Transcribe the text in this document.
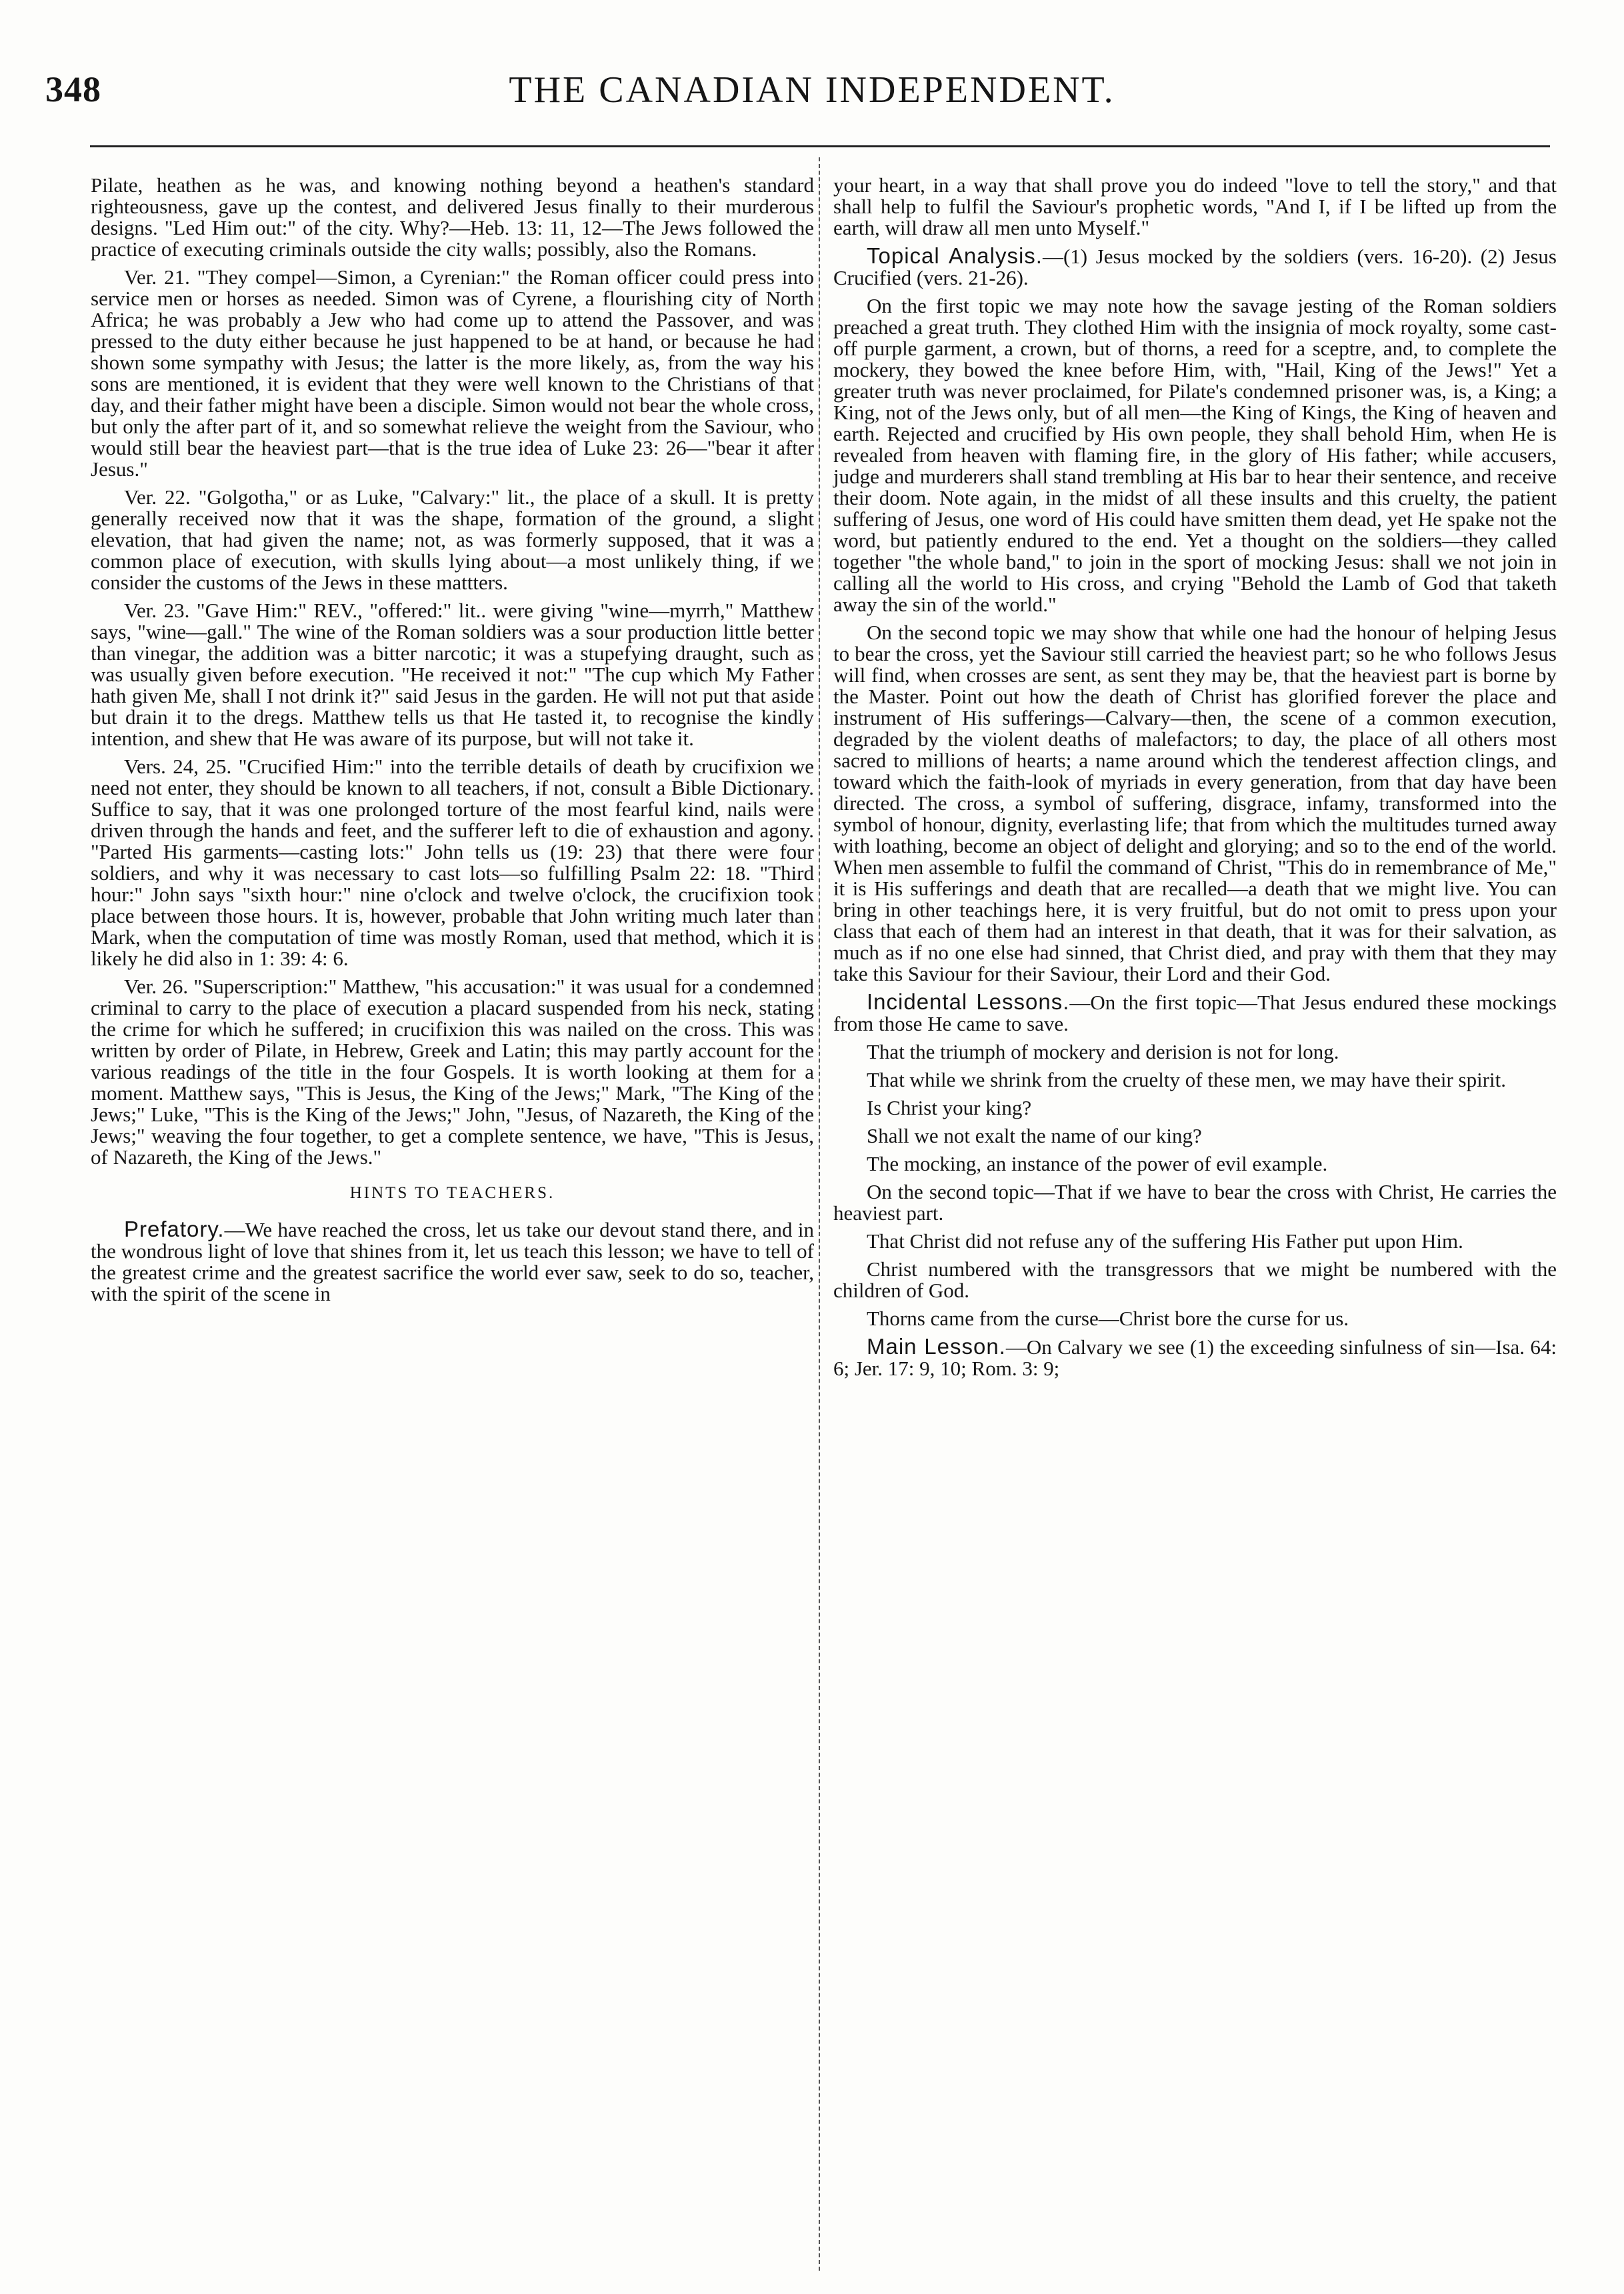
348	THE CANADIAN INDEPENDENT.

Pilate, heathen as he was, and knowing nothing beyond a heathen's standard righteousness, gave up the contest, and delivered Jesus finally to their murderous designs. "Led Him out:" of the city. Why?—Heb. 13: 11, 12—The Jews followed the practice of executing criminals outside the city walls; possibly, also the Romans.

Ver. 21. "They compel—Simon, a Cyrenian:" the Roman officer could press into service men or horses as needed. Simon was of Cyrene, a flourishing city of North Africa; he was probably a Jew who had come up to attend the Passover, and was pressed to the duty either because he just happened to be at hand, or because he had shown some sympathy with Jesus; the latter is the more likely, as, from the way his sons are mentioned, it is evident that they were well known to the Christians of that day, and their father might have been a disciple. Simon would not bear the whole cross, but only the after part of it, and so somewhat relieve the weight from the Saviour, who would still bear the heaviest part—that is the true idea of Luke 23: 26—"bear it after Jesus."

Ver. 22. "Golgotha," or as Luke, "Calvary:" lit., the place of a skull. It is pretty generally received now that it was the shape, formation of the ground, a slight elevation, that had given the name; not, as was formerly supposed, that it was a common place of execution, with skulls lying about—a most unlikely thing, if we consider the customs of the Jews in these mattters.

Ver. 23. "Gave Him:" REV., "offered:" lit.. were giving "wine—myrrh," Matthew says, "wine—gall." The wine of the Roman soldiers was a sour production little better than vinegar, the addition was a bitter narcotic; it was a stupefying draught, such as was usually given before execution. "He received it not:" "The cup which My Father hath given Me, shall I not drink it?" said Jesus in the garden. He will not put that aside but drain it to the dregs. Matthew tells us that He tasted it, to recognise the kindly intention, and shew that He was aware of its purpose, but will not take it.

Vers. 24, 25. "Crucified Him:" into the terrible details of death by crucifixion we need not enter, they should be known to all teachers, if not, consult a Bible Dictionary. Suffice to say, that it was one prolonged torture of the most fearful kind, nails were driven through the hands and feet, and the sufferer left to die of exhaustion and agony. "Parted His garments—casting lots:" John tells us (19: 23) that there were four soldiers, and why it was necessary to cast lots—so fulfilling Psalm 22: 18. "Third hour:" John says "sixth hour:" nine o'clock and twelve o'clock, the crucifixion took place between those hours. It is, however, probable that John writing much later than Mark, when the computation of time was mostly Roman, used that method, which it is likely he did also in 1: 39: 4: 6.

Ver. 26. "Superscription:" Matthew, "his accusation:" it was usual for a condemned criminal to carry to the place of execution a placard suspended from his neck, stating the crime for which he suffered; in crucifixion this was nailed on the cross. This was written by order of Pilate, in Hebrew, Greek and Latin; this may partly account for the various readings of the title in the four Gospels. It is worth looking at them for a moment. Matthew says, "This is Jesus, the King of the Jews;" Mark, "The King of the Jews;" Luke, "This is the King of the Jews;" John, "Jesus, of Nazareth, the King of the Jews;" weaving the four together, to get a complete sentence, we have, "This is Jesus, of Nazareth, the King of the Jews."

HINTS TO TEACHERS.

Prefatory.—We have reached the cross, let us take our devout stand there, and in the wondrous light of love that shines from it, let us teach this lesson; we have to tell of the greatest crime and the greatest sacrifice the world ever saw, seek to do so, teacher, with the spirit of the scene in

your heart, in a way that shall prove you do indeed "love to tell the story," and that shall help to fulfil the Saviour's prophetic words, "And I, if I be lifted up from the earth, will draw all men unto Myself."

Topical Analysis.—(1) Jesus mocked by the soldiers (vers. 16-20). (2) Jesus Crucified (vers. 21-26).

On the first topic we may note how the savage jesting of the Roman soldiers preached a great truth. They clothed Him with the insignia of mock royalty, some cast-off purple garment, a crown, but of thorns, a reed for a sceptre, and, to complete the mockery, they bowed the knee before Him, with, "Hail, King of the Jews!" Yet a greater truth was never proclaimed, for Pilate's condemned prisoner was, is, a King; a King, not of the Jews only, but of all men—the King of Kings, the King of heaven and earth. Rejected and crucified by His own people, they shall behold Him, when He is revealed from heaven with flaming fire, in the glory of His father; while accusers, judge and murderers shall stand trembling at His bar to hear their sentence, and receive their doom. Note again, in the midst of all these insults and this cruelty, the patient suffering of Jesus, one word of His could have smitten them dead, yet He spake not the word, but patiently endured to the end. Yet a thought on the soldiers—they called together "the whole band," to join in the sport of mocking Jesus: shall we not join in calling all the world to His cross, and crying "Behold the Lamb of God that taketh away the sin of the world."

On the second topic we may show that while one had the honour of helping Jesus to bear the cross, yet the Saviour still carried the heaviest part; so he who follows Jesus will find, when crosses are sent, as sent they may be, that the heaviest part is borne by the Master. Point out how the death of Christ has glorified forever the place and instrument of His sufferings—Calvary—then, the scene of a common execution, degraded by the violent deaths of malefactors; to day, the place of all others most sacred to millions of hearts; a name around which the tenderest affection clings, and toward which the faith-look of myriads in every generation, from that day have been directed. The cross, a symbol of suffering, disgrace, infamy, transformed into the symbol of honour, dignity, everlasting life; that from which the multitudes turned away with loathing, become an object of delight and glorying; and so to the end of the world. When men assemble to fulfil the command of Christ, "This do in remembrance of Me," it is His sufferings and death that are recalled—a death that we might live. You can bring in other teachings here, it is very fruitful, but do not omit to press upon your class that each of them had an interest in that death, that it was for their salvation, as much as if no one else had sinned, that Christ died, and pray with them that they may take this Saviour for their Saviour, their Lord and their God.

Incidental Lessons.—On the first topic—That Jesus endured these mockings from those He came to save.

That the triumph of mockery and derision is not for long.

That while we shrink from the cruelty of these men, we may have their spirit.

Is Christ your king?

Shall we not exalt the name of our king?

The mocking, an instance of the power of evil example.

On the second topic—That if we have to bear the cross with Christ, He carries the heaviest part.

That Christ did not refuse any of the suffering His Father put upon Him.

Christ numbered with the transgressors that we might be numbered with the children of God.

Thorns came from the curse—Christ bore the curse for us.

Main Lesson.—On Calvary we see (1) the exceeding sinfulness of sin—Isa. 64: 6; Jer. 17: 9, 10; Rom. 3: 9;
